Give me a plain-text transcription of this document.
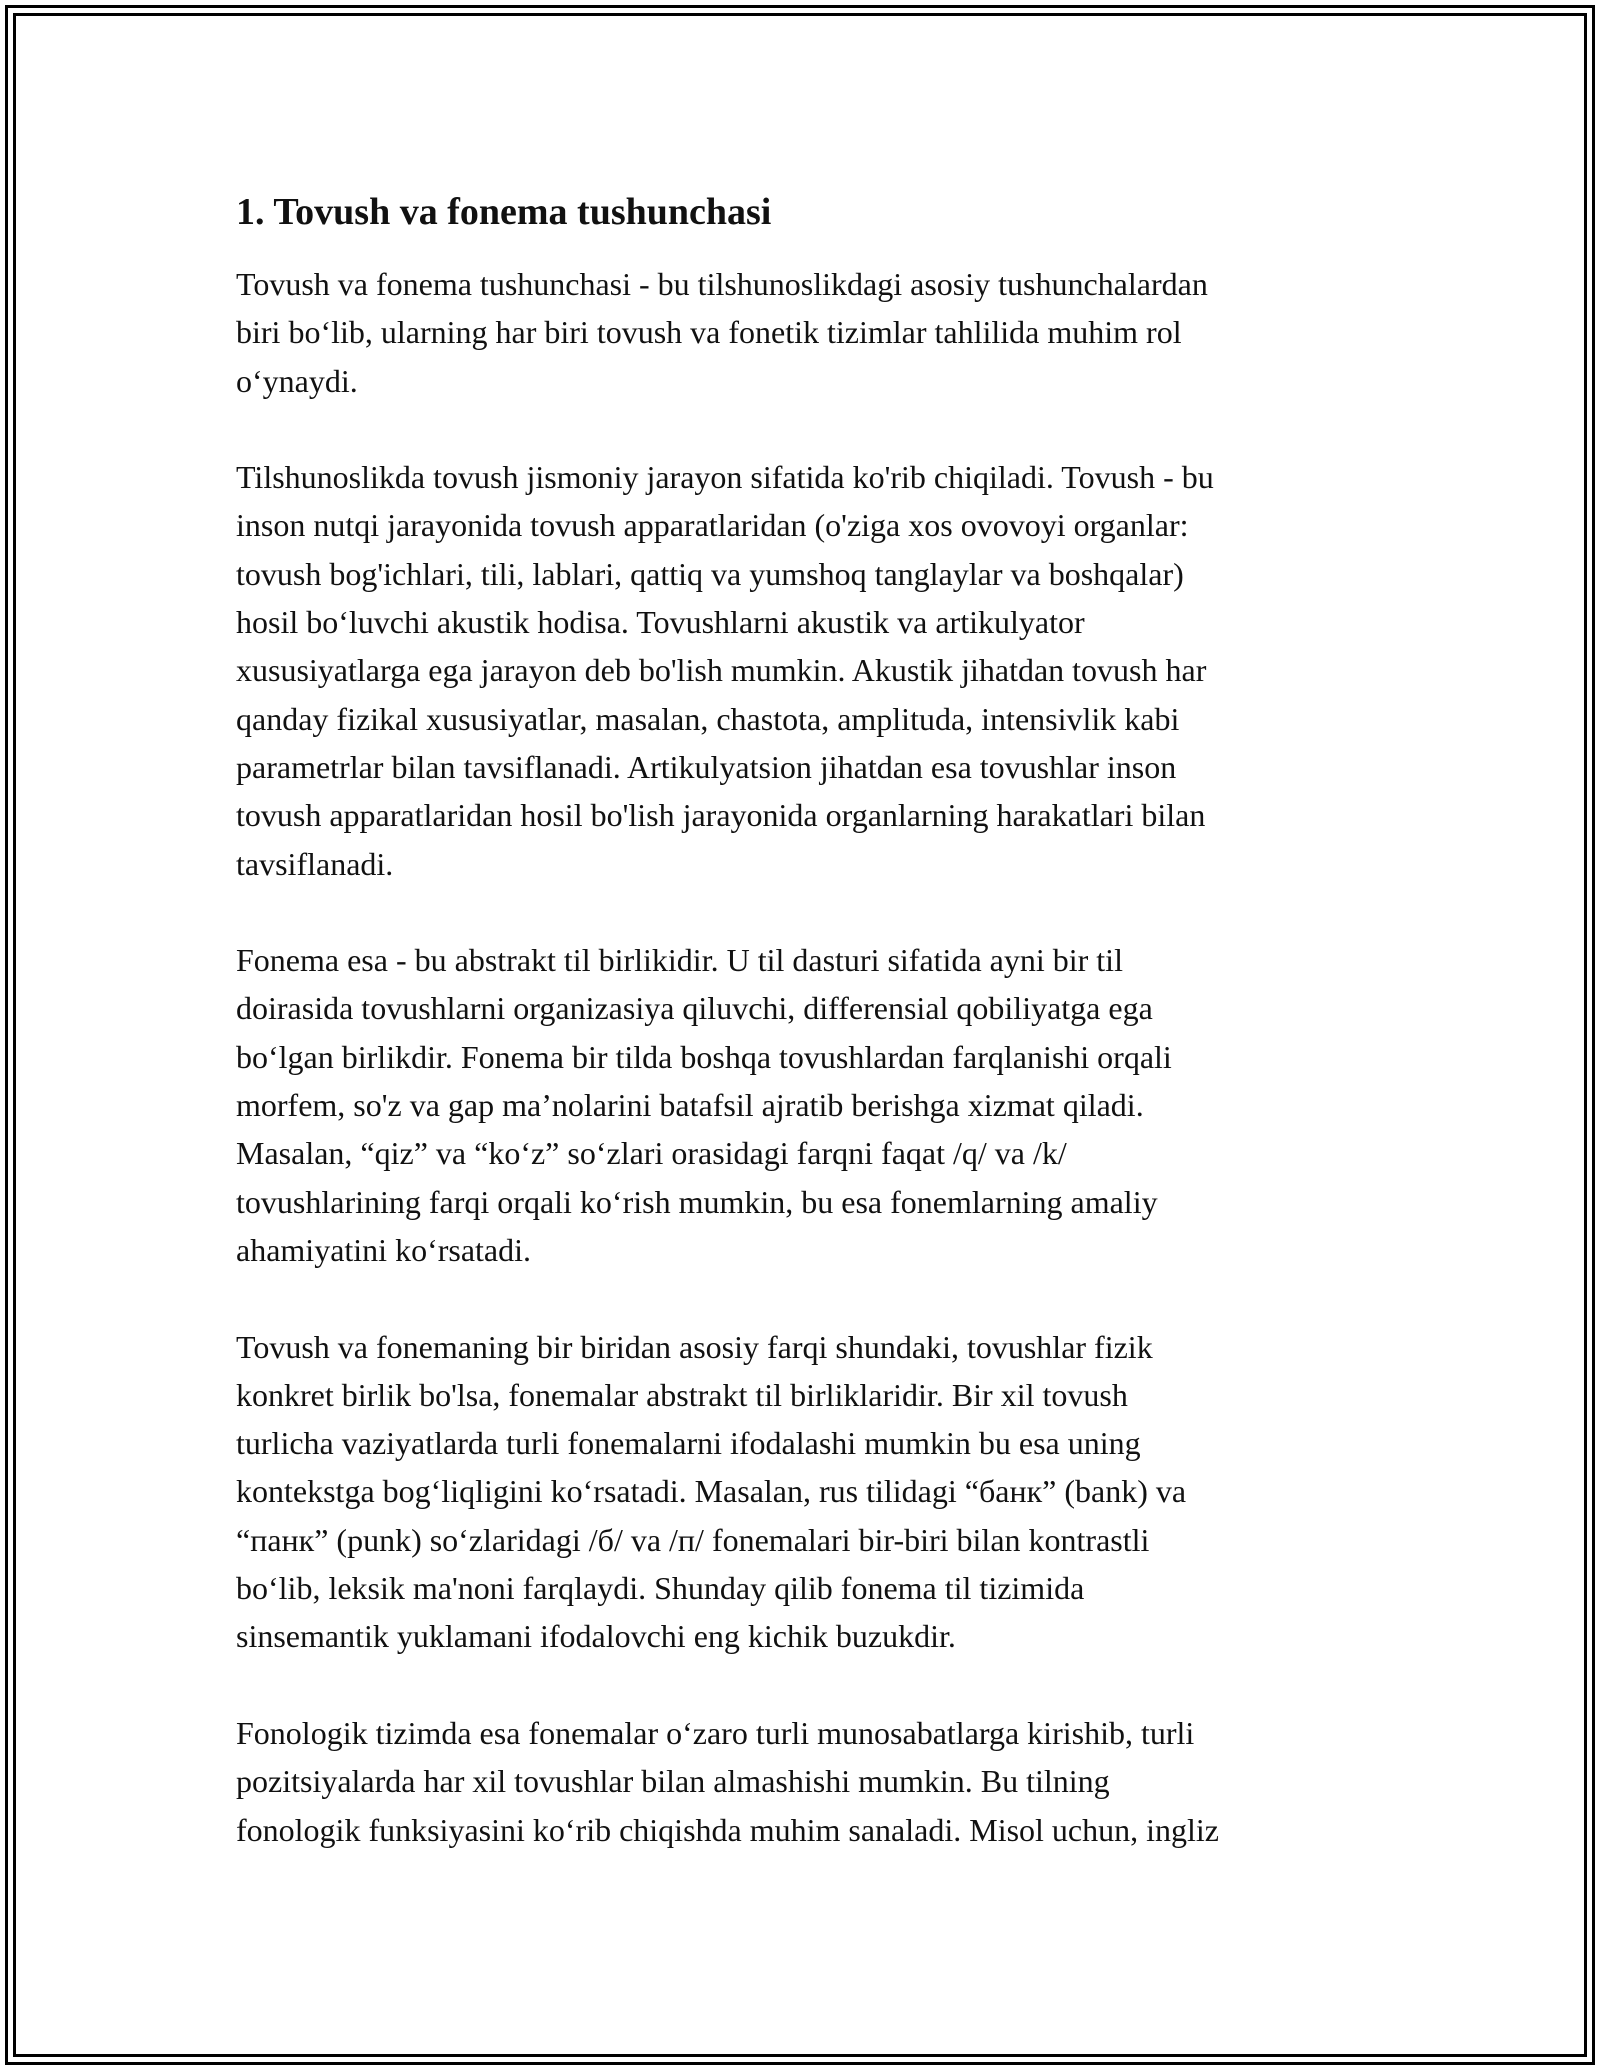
1. Tovush va fonema tushunchasi

Tovush va fonema tushunchasi - bu tilshunoslikdagi asosiy tushunchalardan
biri bo‘lib, ularning har biri tovush va fonetik tizimlar tahlilida muhim rol
o‘ynaydi.

Tilshunoslikda tovush jismoniy jarayon sifatida ko'rib chiqiladi. Tovush - bu
inson nutqi jarayonida tovush apparatlaridan (o'ziga xos ovovoyi organlar:
tovush bog'ichlari, tili, lablari, qattiq va yumshoq tanglaylar va boshqalar)
hosil bo‘luvchi akustik hodisa. Tovushlarni akustik va artikulyator
xususiyatlarga ega jarayon deb bo'lish mumkin. Akustik jihatdan tovush har
qanday fizikal xususiyatlar, masalan, chastota, amplituda, intensivlik kabi
parametrlar bilan tavsiflanadi. Artikulyatsion jihatdan esa tovushlar inson
tovush apparatlaridan hosil bo'lish jarayonida organlarning harakatlari bilan
tavsiflanadi.

Fonema esa - bu abstrakt til birlikidir. U til dasturi sifatida ayni bir til
doirasida tovushlarni organizasiya qiluvchi, differensial qobiliyatga ega
bo‘lgan birlikdir. Fonema bir tilda boshqa tovushlardan farqlanishi orqali
morfem, so'z va gap ma’nolarini batafsil ajratib berishga xizmat qiladi.
Masalan, “qiz” va “ko‘z” so‘zlari orasidagi farqni faqat /q/ va /k/
tovushlarining farqi orqali ko‘rish mumkin, bu esa fonemlarning amaliy
ahamiyatini ko‘rsatadi.

Tovush va fonemaning bir biridan asosiy farqi shundaki, tovushlar fizik
konkret birlik bo'lsa, fonemalar abstrakt til birliklaridir. Bir xil tovush
turlicha vaziyatlarda turli fonemalarni ifodalashi mumkin bu esa uning
kontekstga bog‘liqligini ko‘rsatadi. Masalan, rus tilidagi “банк” (bank) va
“панк” (punk) so‘zlaridagi /б/ va /п/ fonemalari bir-biri bilan kontrastli
bo‘lib, leksik ma'noni farqlaydi. Shunday qilib fonema til tizimida
sinsemantik yuklamani ifodalovchi eng kichik buzukdir.

Fonologik tizimda esa fonemalar o‘zaro turli munosabatlarga kirishib, turli
pozitsiyalarda har xil tovushlar bilan almashishi mumkin. Bu tilning
fonologik funksiyasini ko‘rib chiqishda muhim sanaladi. Misol uchun, ingliz
